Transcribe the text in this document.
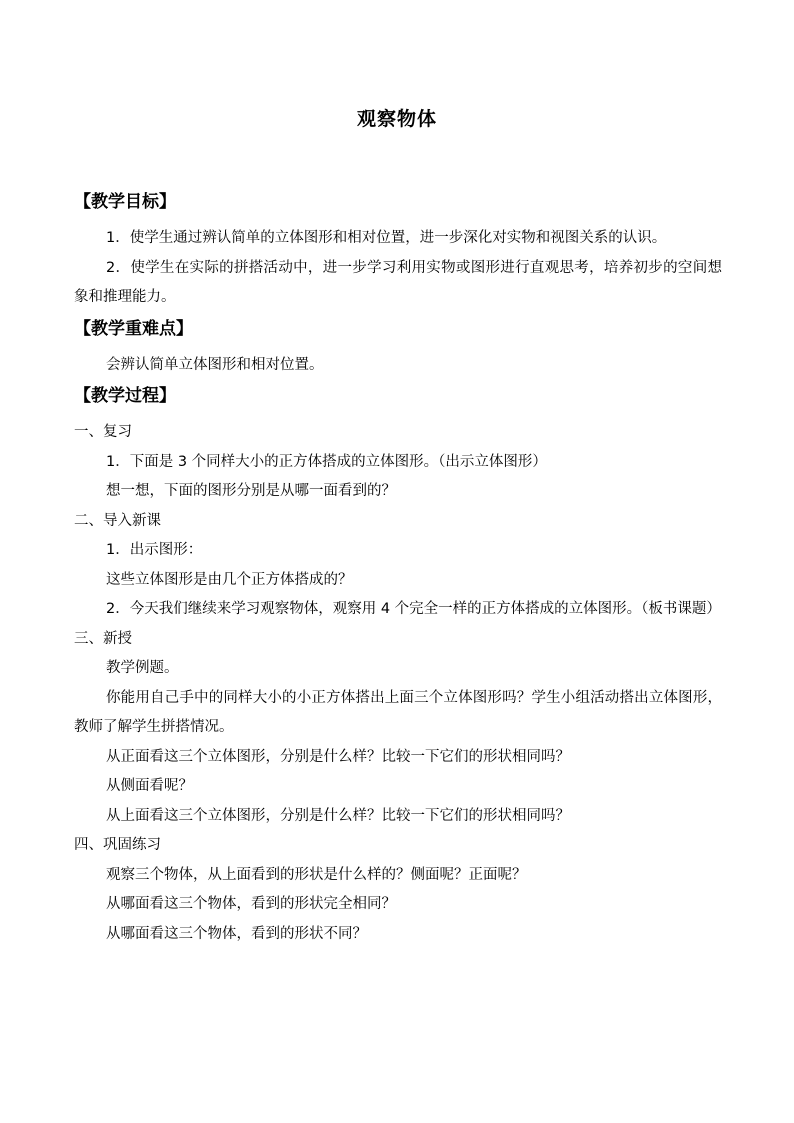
观察物体
【教学目标】

1．使学生通过辨认简单的立体图形和相对位置，进一步深化对实物和视图关系的认识。

2．使学生在实际的拼搭活动中，进一步学习利用实物或图形进行直观思考，培养初步的空间想象和推理能力。

【教学重难点】

会辨认简单立体图形和相对位置。

【教学过程】

一、复习

1．下面是 3 个同样大小的正方体搭成的立体图形。（出示立体图形）

想一想，下面的图形分别是从哪一面看到的？

二、导入新课

1．出示图形：

这些立体图形是由几个正方体搭成的？

2．今天我们继续来学习观察物体，观察用 4 个完全一样的正方体搭成的立体图形。（板书课题）

三、新授

教学例题。

你能用自己手中的同样大小的小正方体搭出上面三个立体图形吗？学生小组活动搭出立体图形，教师了解学生拼搭情况。

从正面看这三个立体图形，分别是什么样？比较一下它们的形状相同吗？

从侧面看呢？

从上面看这三个立体图形，分别是什么样？比较一下它们的形状相同吗？

四、巩固练习

观察三个物体，从上面看到的形状是什么样的？侧面呢？正面呢？

从哪面看这三个物体，看到的形状完全相同？

从哪面看这三个物体，看到的形状不同？
